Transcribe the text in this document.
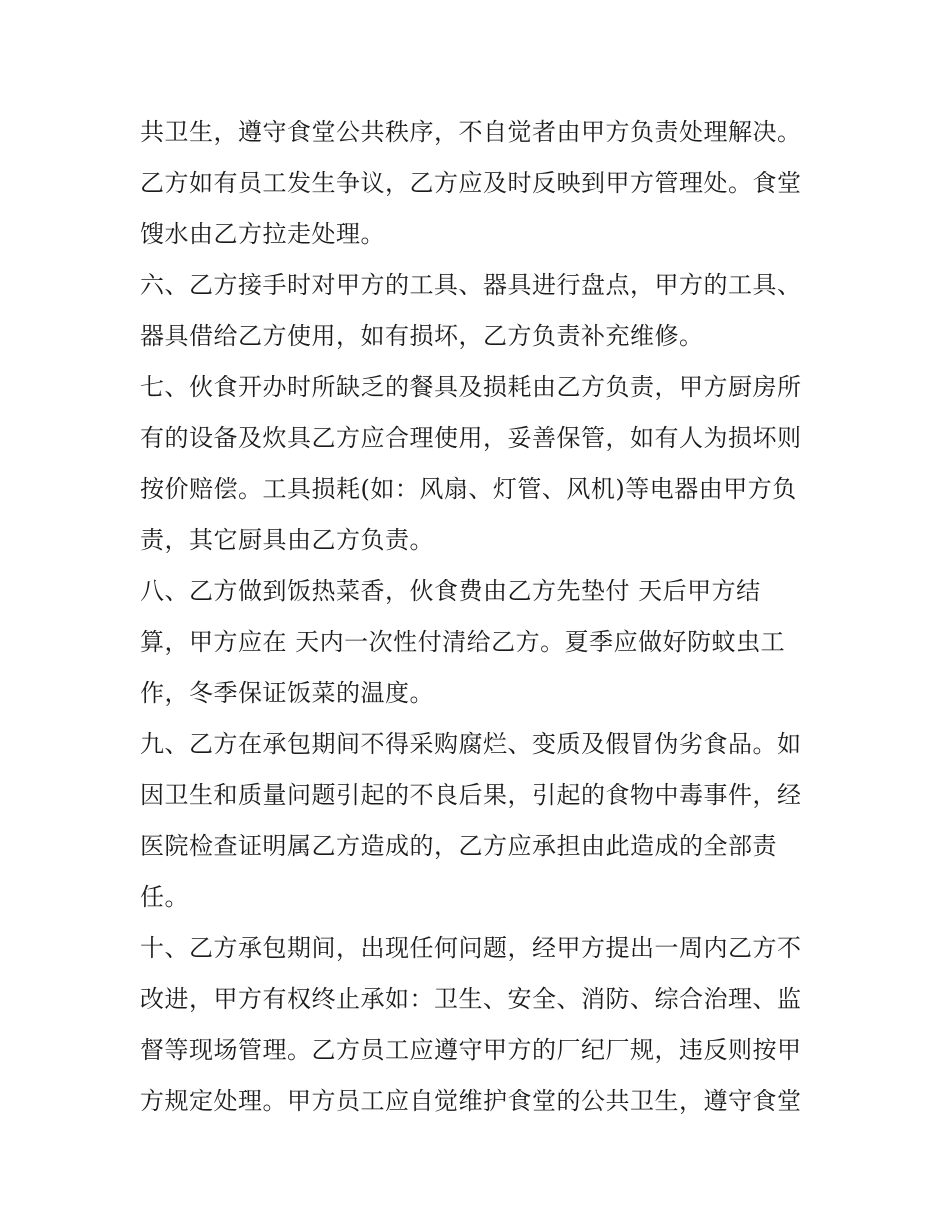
共卫生，遵守食堂公共秩序，不自觉者由甲方负责处理解决。
乙方如有员工发生争议，乙方应及时反映到甲方管理处。食堂
馊水由乙方拉走处理。
六、乙方接手时对甲方的工具、器具进行盘点，甲方的工具、
器具借给乙方使用，如有损坏，乙方负责补充维修。
七、伙食开办时所缺乏的餐具及损耗由乙方负责，甲方厨房所
有的设备及炊具乙方应合理使用，妥善保管，如有人为损坏则
按价赔偿。工具损耗(如：风扇、灯管、风机)等电器由甲方负
责，其它厨具由乙方负责。
八、乙方做到饭热菜香，伙食费由乙方先垫付 天后甲方结
算，甲方应在 天内一次性付清给乙方。夏季应做好防蚊虫工
作，冬季保证饭菜的温度。
九、乙方在承包期间不得采购腐烂、变质及假冒伪劣食品。如
因卫生和质量问题引起的不良后果，引起的食物中毒事件，经
医院检查证明属乙方造成的，乙方应承担由此造成的全部责
任。
十、乙方承包期间，出现任何问题，经甲方提出一周内乙方不
改进，甲方有权终止承如：卫生、安全、消防、综合治理、监
督等现场管理。乙方员工应遵守甲方的厂纪厂规，违反则按甲
方规定处理。甲方员工应自觉维护食堂的公共卫生，遵守食堂
